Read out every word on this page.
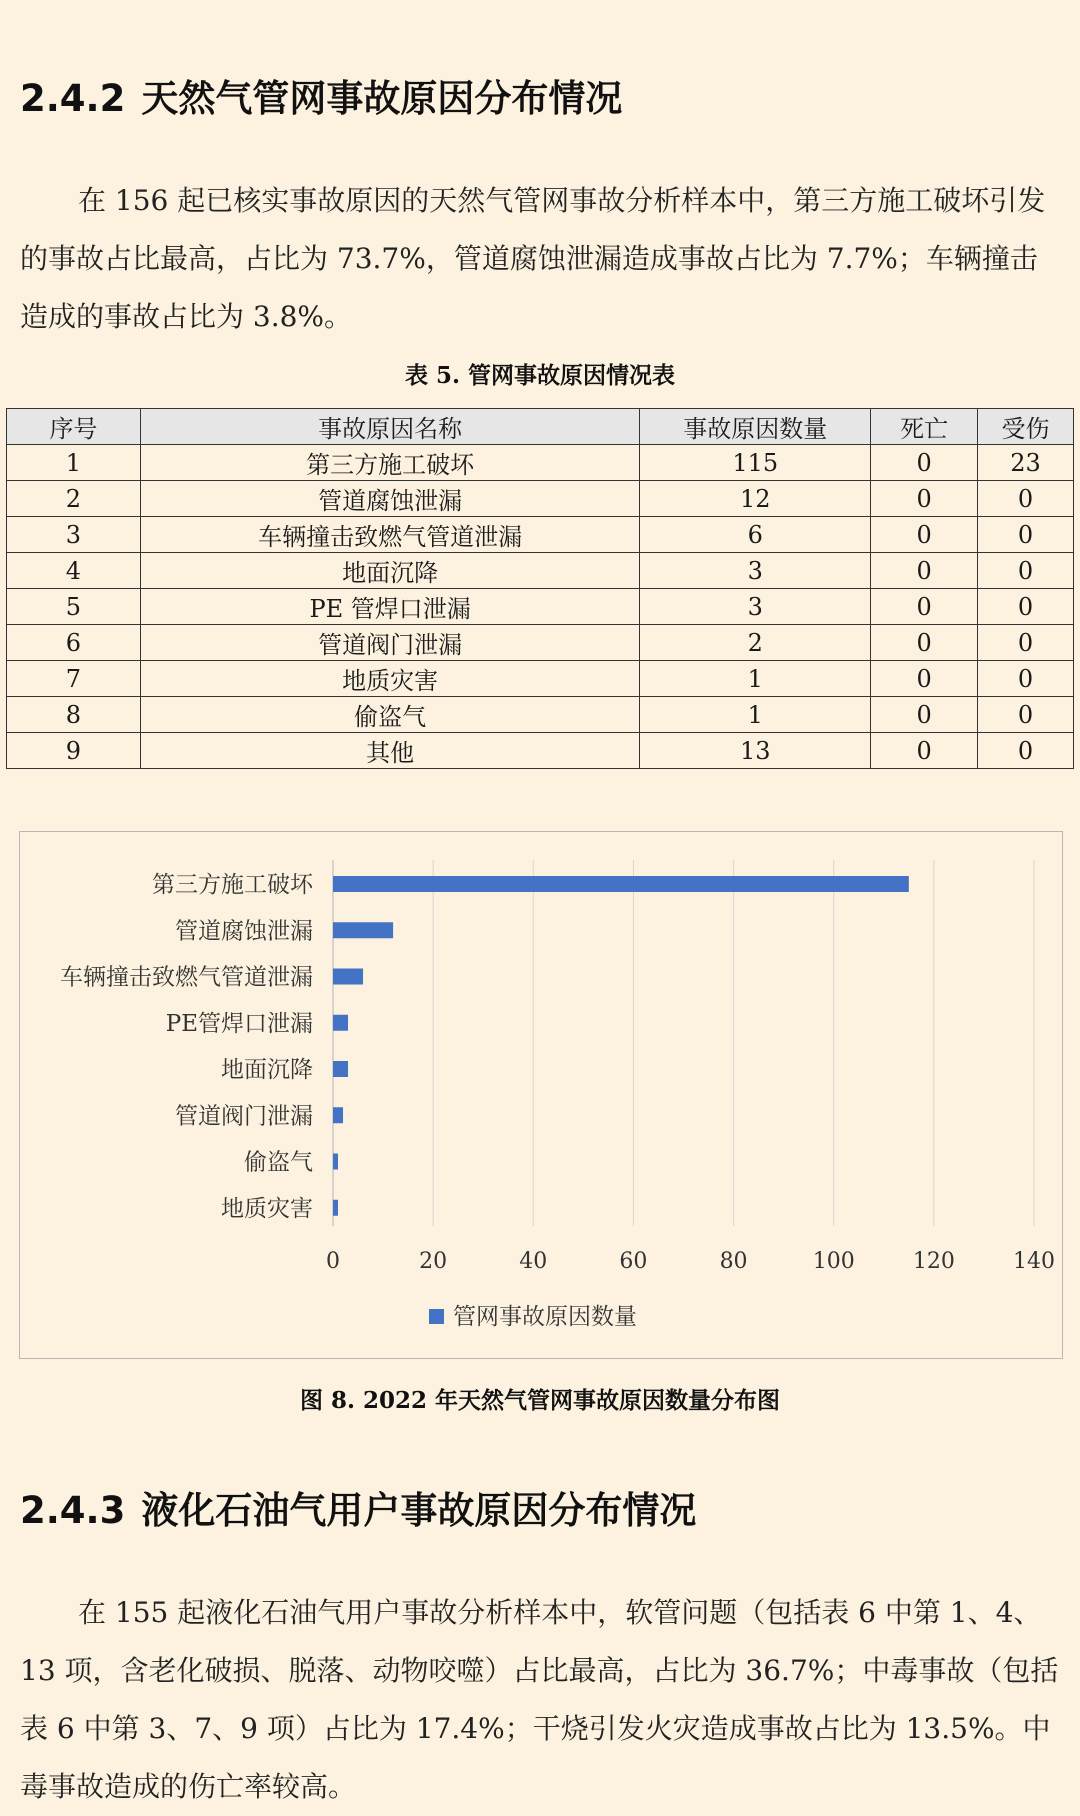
2.4.2 天然气管网事故原因分布情况
在 156 起已核实事故原因的天然气管网事故分析样本中，第三方施工破坏引发的事故占比最高，占比为 73.7%，管道腐蚀泄漏造成事故占比为 7.7%；车辆撞击造成的事故占比为 3.8%。
表 5. 管网事故原因情况表
序号	事故原因名称	事故原因数量	死亡	受伤
1	第三方施工破坏	115	0	23
2	管道腐蚀泄漏	12	0	0
3	车辆撞击致燃气管道泄漏	6	0	0
4	地面沉降	3	0	0
5	PE 管焊口泄漏	3	0	0
6	管道阀门泄漏	2	0	0
7	地质灾害	1	0	0
8	偷盗气	1	0	0
9	其他	13	0	0
0	20	40	60	80	100	120	140
第三方施工破坏
管道腐蚀泄漏
车辆撞击致燃气管道泄漏
PE管焊口泄漏
地面沉降
管道阀门泄漏
偷盗气
地质灾害
管网事故原因数量
图 8. 2022 年天然气管网事故原因数量分布图
2.4.3 液化石油气用户事故原因分布情况
在 155 起液化石油气用户事故分析样本中，软管问题（包括表 6 中第 1、4、13 项，含老化破损、脱落、动物咬噬）占比最高，占比为 36.7%；中毒事故（包括表 6 中第 3、7、9 项）占比为 17.4%；干烧引发火灾造成事故占比为 13.5%。中毒事故造成的伤亡率较高。
